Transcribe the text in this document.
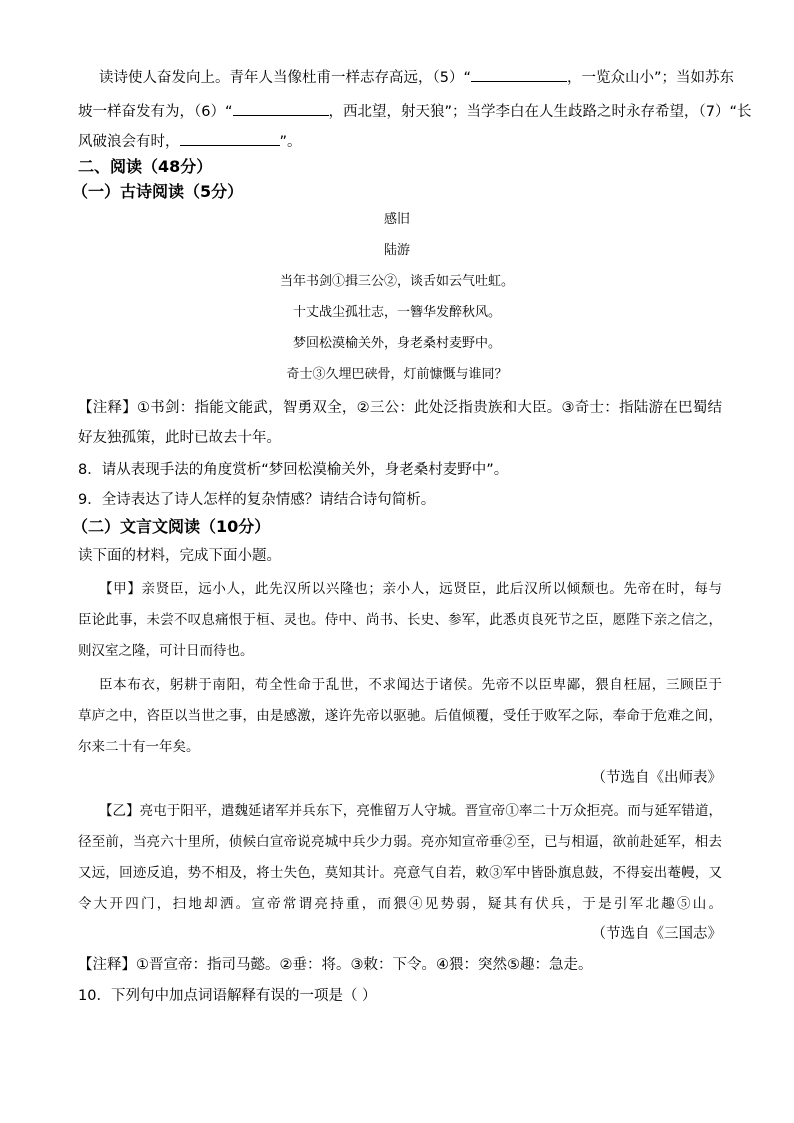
读诗使人奋发向上。青年人当像杜甫一样志存高远，（5）“	，一览众山小”；当如苏东
坡一样奋发有为，（6）“	，西北望，射天狼”；当学李白在人生歧路之时永存希望，（7）“长
风破浪会有时，	”。
二、阅读（48分）
（一）古诗阅读（5分）
感旧
陆游
当年书剑①揖三公②，谈舌如云气吐虹。
十丈战尘孤壮志，一簪华发醉秋风。
梦回松漠榆关外，身老桑村麦野中。
奇士③久埋巴硖骨，灯前慷慨与谁同？
【注释】①书剑：指能文能武，智勇双全，②三公：此处泛指贵族和大臣。③奇士：指陆游在巴蜀结
好友独孤策，此时已故去十年。
8．请从表现手法的角度赏析“梦回松漠榆关外，身老桑村麦野中”。
9．全诗表达了诗人怎样的复杂情感？请结合诗句简析。
（二）文言文阅读（10分）
读下面的材料，完成下面小题。
【甲】亲贤臣，远小人，此先汉所以兴隆也；亲小人，远贤臣，此后汉所以倾颓也。先帝在时，每与
臣论此事，未尝不叹息痛恨于桓、灵也。侍中、尚书、长史、参军，此悉贞良死节之臣，愿陛下亲之信之，
则汉室之隆，可计日而待也。
臣本布衣，躬耕于南阳，苟全性命于乱世，不求闻达于诸侯。先帝不以臣卑鄙，猥自枉屈，三顾臣于
草庐之中，咨臣以当世之事，由是感激，遂许先帝以驱驰。后值倾覆，受任于败军之际，奉命于危难之间，
尔来二十有一年矣。
（节选自《出师表》
【乙】亮屯于阳平，遣魏延诸军并兵东下，亮惟留万人守城。晋宣帝①率二十万众拒亮。而与延军错道，
径至前，当亮六十里所，侦候白宣帝说亮城中兵少力弱。亮亦知宣帝垂②至，已与相逼，欲前赴延军，相去
又远，回迹反追，势不相及，将士失色，莫知其计。亮意气自若，敕③军中皆卧旗息鼓，不得妄出菴幔，又
令大开四门，扫地却洒。宣帝常谓亮持重，而猥④见势弱，疑其有伏兵，于是引军北趣⑤山。
（节选自《三国志》
【注释】①晋宣帝：指司马懿。②垂：将。③敕：下令。④猥：突然⑤趣：急走。
10．下列句中加点词语解释有误的一项是（ ）
